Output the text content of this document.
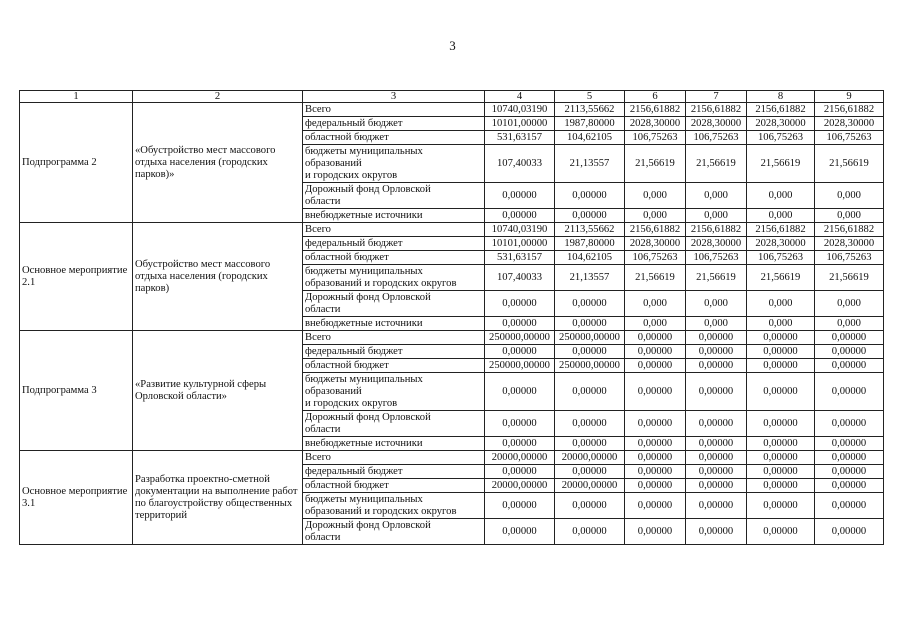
3
1	2	3	4	5	6	7	8	9
Подпрограмма 2	«Обустройство мест массового отдыха населения (городских парков)»	Всего	10740,03190	2113,55662	2156,61882	2156,61882	2156,61882	2156,61882
		федеральный бюджет	10101,00000	1987,80000	2028,30000	2028,30000	2028,30000	2028,30000
		областной бюджет	531,63157	104,62105	106,75263	106,75263	106,75263	106,75263
		бюджеты муниципальных
образований
и городских округов	107,40033	21,13557	21,56619	21,56619	21,56619	21,56619
		Дорожный фонд Орловской
области	0,00000	0,00000	0,000	0,000	0,000	0,000
		внебюджетные источники	0,00000	0,00000	0,000	0,000	0,000	0,000
Основное мероприятие 2.1	Обустройство мест массового отдыха населения (городских парков)	Всего	10740,03190	2113,55662	2156,61882	2156,61882	2156,61882	2156,61882
		федеральный бюджет	10101,00000	1987,80000	2028,30000	2028,30000	2028,30000	2028,30000
		областной бюджет	531,63157	104,62105	106,75263	106,75263	106,75263	106,75263
		бюджеты муниципальных
образований и городских округов	107,40033	21,13557	21,56619	21,56619	21,56619	21,56619
		Дорожный фонд Орловской
области	0,00000	0,00000	0,000	0,000	0,000	0,000
		внебюджетные источники	0,00000	0,00000	0,000	0,000	0,000	0,000
Подпрограмма 3	«Развитие культурной сферы Орловской области»	Всего	250000,00000	250000,00000	0,00000	0,00000	0,00000	0,00000
		федеральный бюджет	0,00000	0,00000	0,00000	0,00000	0,00000	0,00000
		областной бюджет	250000,00000	250000,00000	0,00000	0,00000	0,00000	0,00000
		бюджеты муниципальных
образований
и городских округов	0,00000	0,00000	0,00000	0,00000	0,00000	0,00000
		Дорожный фонд Орловской
области	0,00000	0,00000	0,00000	0,00000	0,00000	0,00000
		внебюджетные источники	0,00000	0,00000	0,00000	0,00000	0,00000	0,00000
Основное мероприятие 3.1	Разработка проектно-сметной документации на выполнение работ по благоустройству общественных территорий	Всего	20000,00000	20000,00000	0,00000	0,00000	0,00000	0,00000
		федеральный бюджет	0,00000	0,00000	0,00000	0,00000	0,00000	0,00000
		областной бюджет	20000,00000	20000,00000	0,00000	0,00000	0,00000	0,00000
		бюджеты муниципальных
образований и городских округов	0,00000	0,00000	0,00000	0,00000	0,00000	0,00000
		Дорожный фонд Орловской
области	0,00000	0,00000	0,00000	0,00000	0,00000	0,00000
